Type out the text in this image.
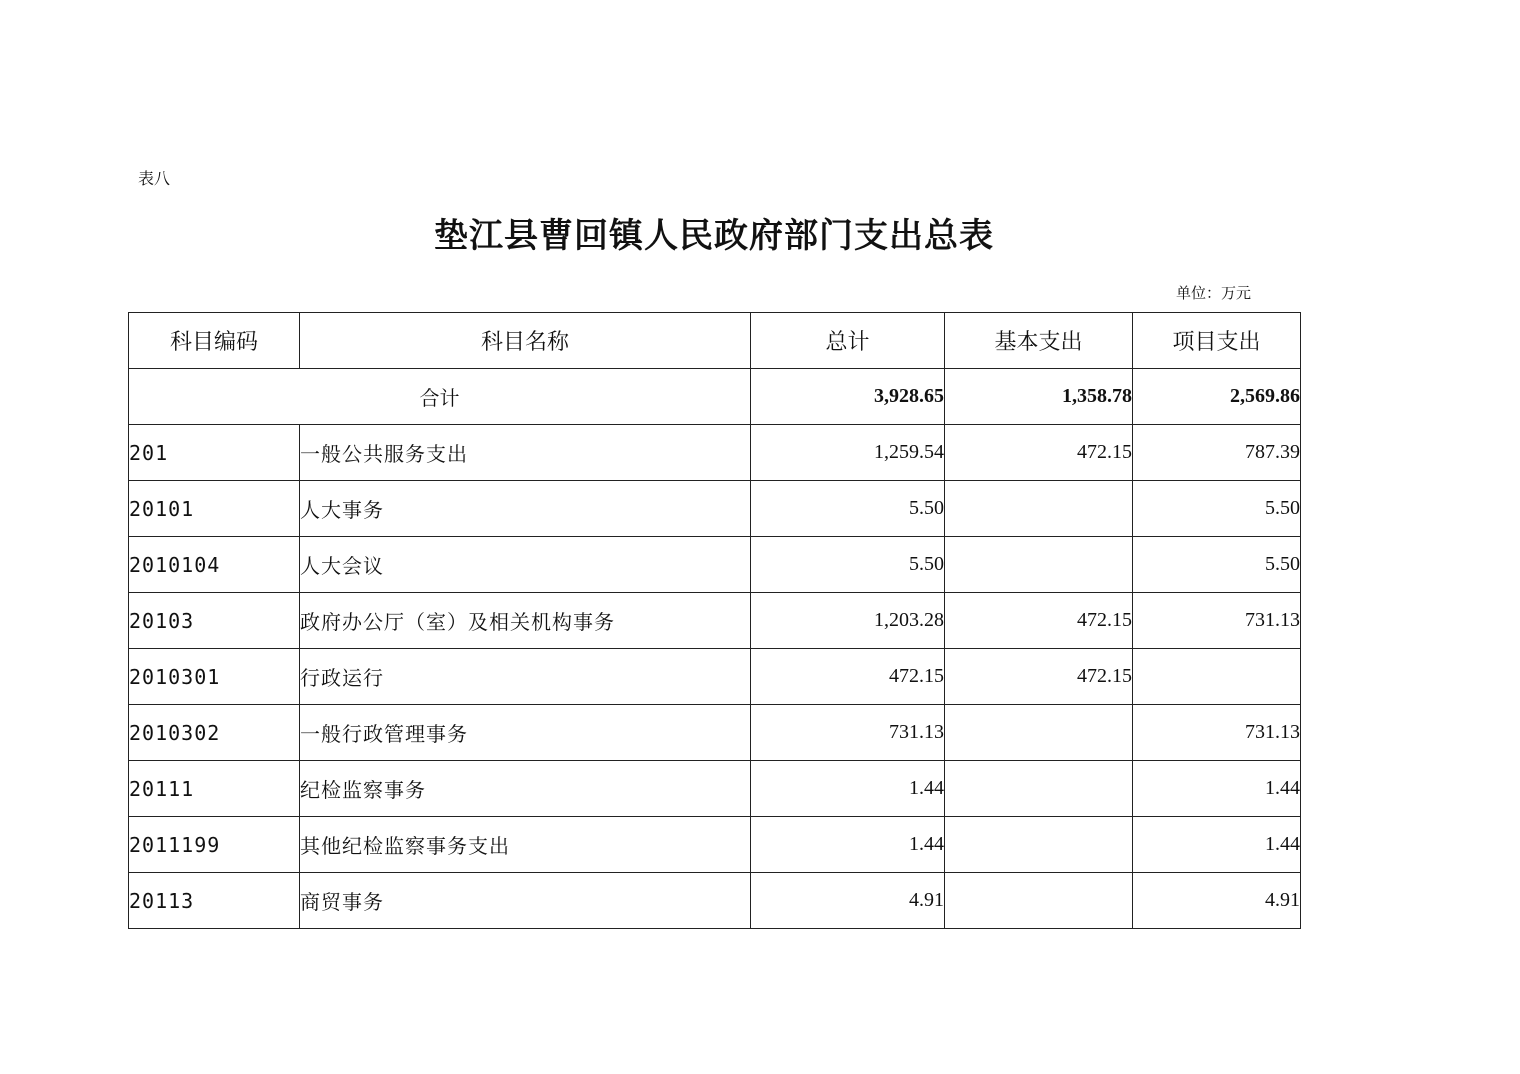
表八
垫江县曹回镇人民政府部门支出总表
单位：万元
科目编码	科目名称	总计	基本支出	项目支出
合计		3,928.65	1,358.78	2,569.86
201	一般公共服务支出	1,259.54	472.15	787.39
20101	人大事务	5.50		5.50
2010104	人大会议	5.50		5.50
20103	政府办公厅（室）及相关机构事务	1,203.28	472.15	731.13
2010301	行政运行	472.15	472.15	
2010302	一般行政管理事务	731.13		731.13
20111	纪检监察事务	1.44		1.44
2011199	其他纪检监察事务支出	1.44		1.44
20113	商贸事务	4.91		4.91
